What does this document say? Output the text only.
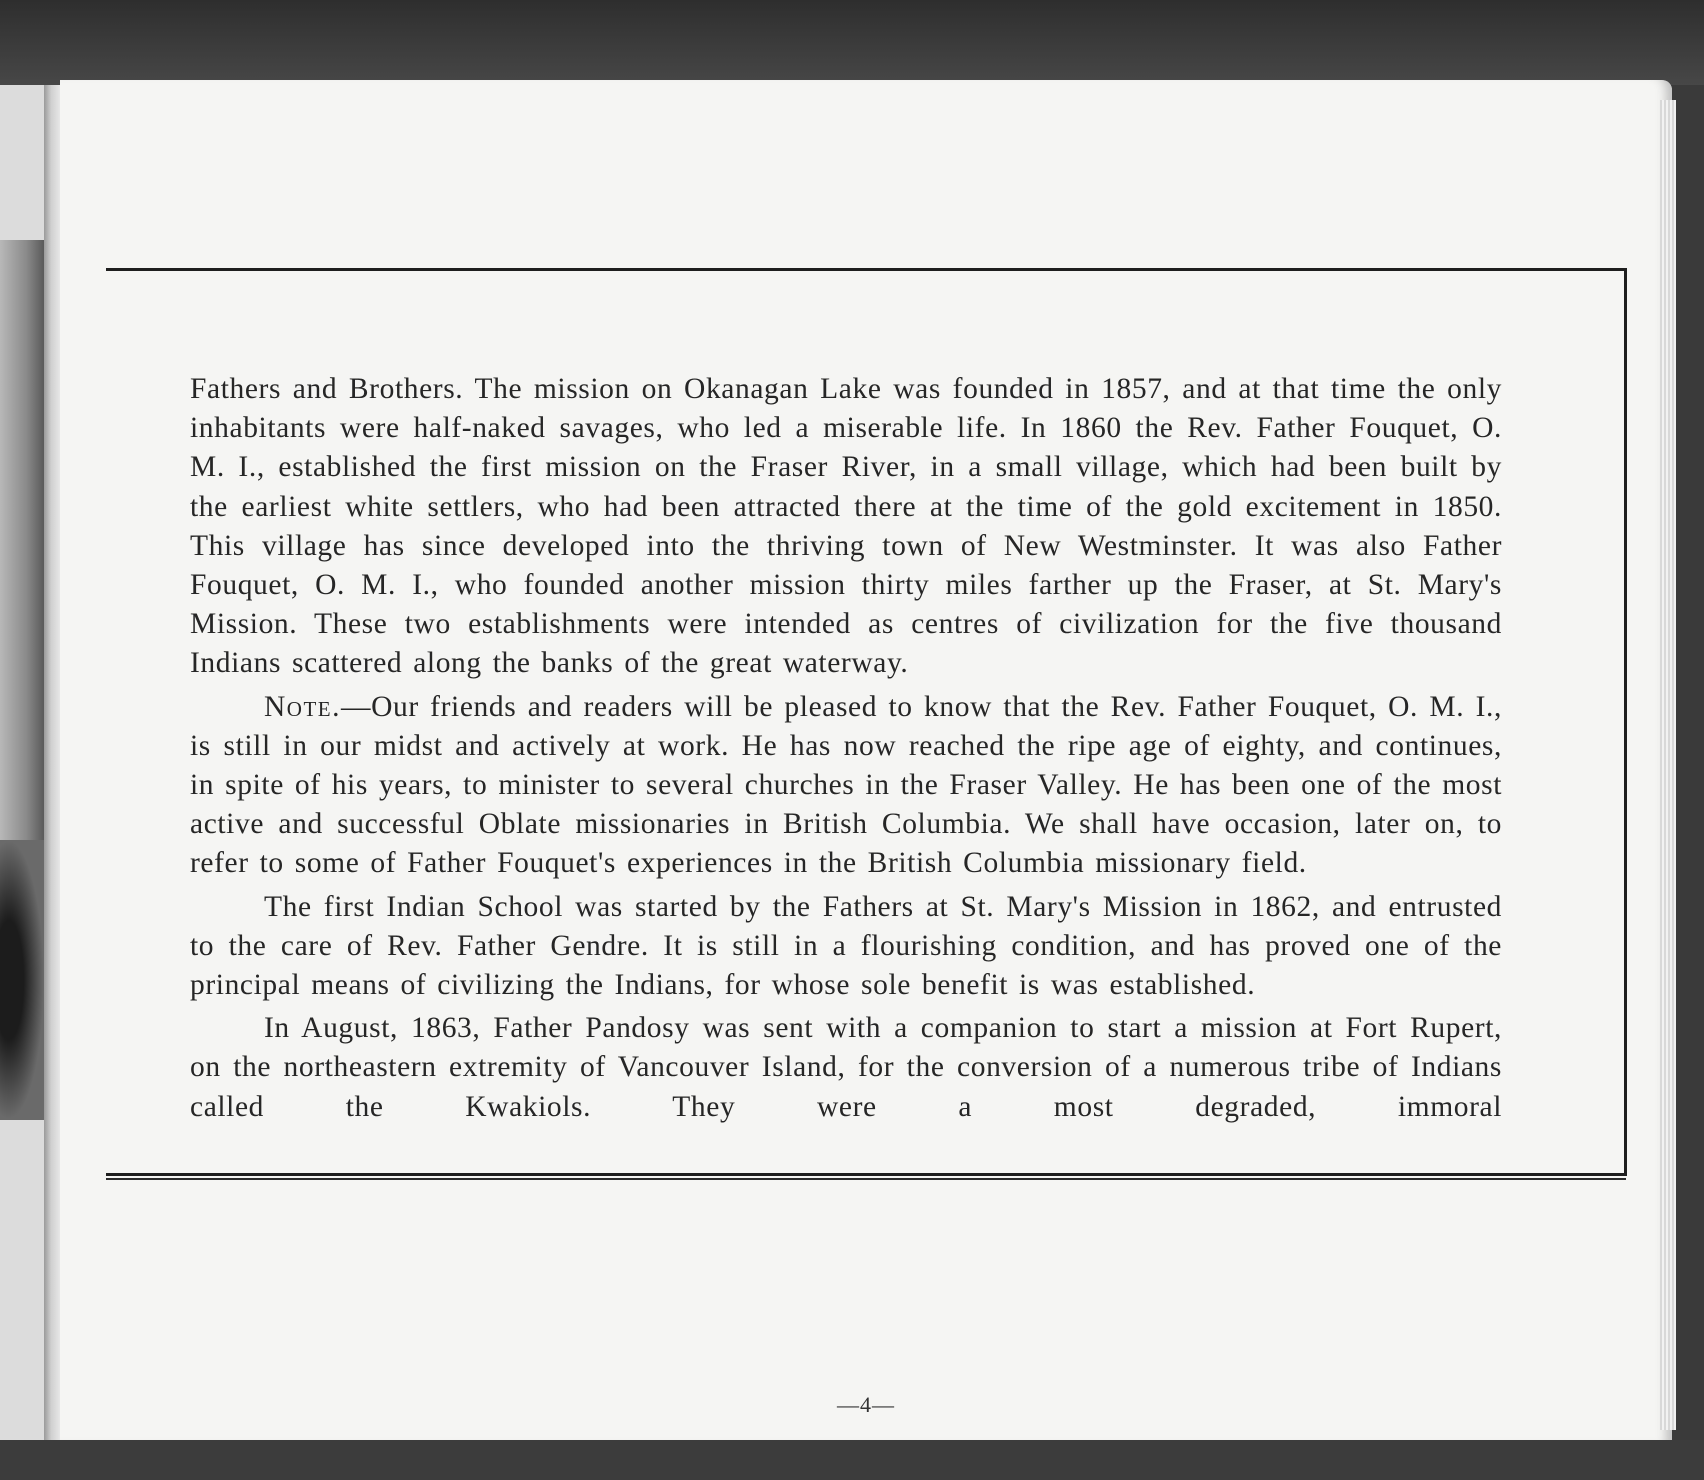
Fathers and Brothers. The mission on Okanagan Lake was founded in 1857, and at that time the only inhabitants were half-naked savages, who led a miserable life. In 1860 the Rev. Father Fouquet, O. M. I., established the first mission on the Fraser River, in a small village, which had been built by the earliest white settlers, who had been attracted there at the time of the gold excitement in 1850. This village has since developed into the thriving town of New Westminster. It was also Father Fouquet, O. M. I., who founded another mission thirty miles farther up the Fraser, at St. Mary's Mission. These two establishments were intended as centres of civilization for the five thousand Indians scattered along the banks of the great waterway.

Note.—Our friends and readers will be pleased to know that the Rev. Father Fouquet, O. M. I., is still in our midst and actively at work. He has now reached the ripe age of eighty, and continues, in spite of his years, to minister to several churches in the Fraser Valley. He has been one of the most active and successful Oblate missionaries in British Columbia. We shall have occasion, later on, to refer to some of Father Fouquet's experiences in the British Columbia missionary field.

The first Indian School was started by the Fathers at St. Mary's Mission in 1862, and entrusted to the care of Rev. Father Gendre. It is still in a flourishing condition, and has proved one of the principal means of civilizing the Indians, for whose sole benefit is was established.

In August, 1863, Father Pandosy was sent with a companion to start a mission at Fort Rupert, on the northeastern extremity of Vancouver Island, for the conversion of a numerous tribe of Indians called the Kwakiols. They were a most degraded, immoral

—4—
